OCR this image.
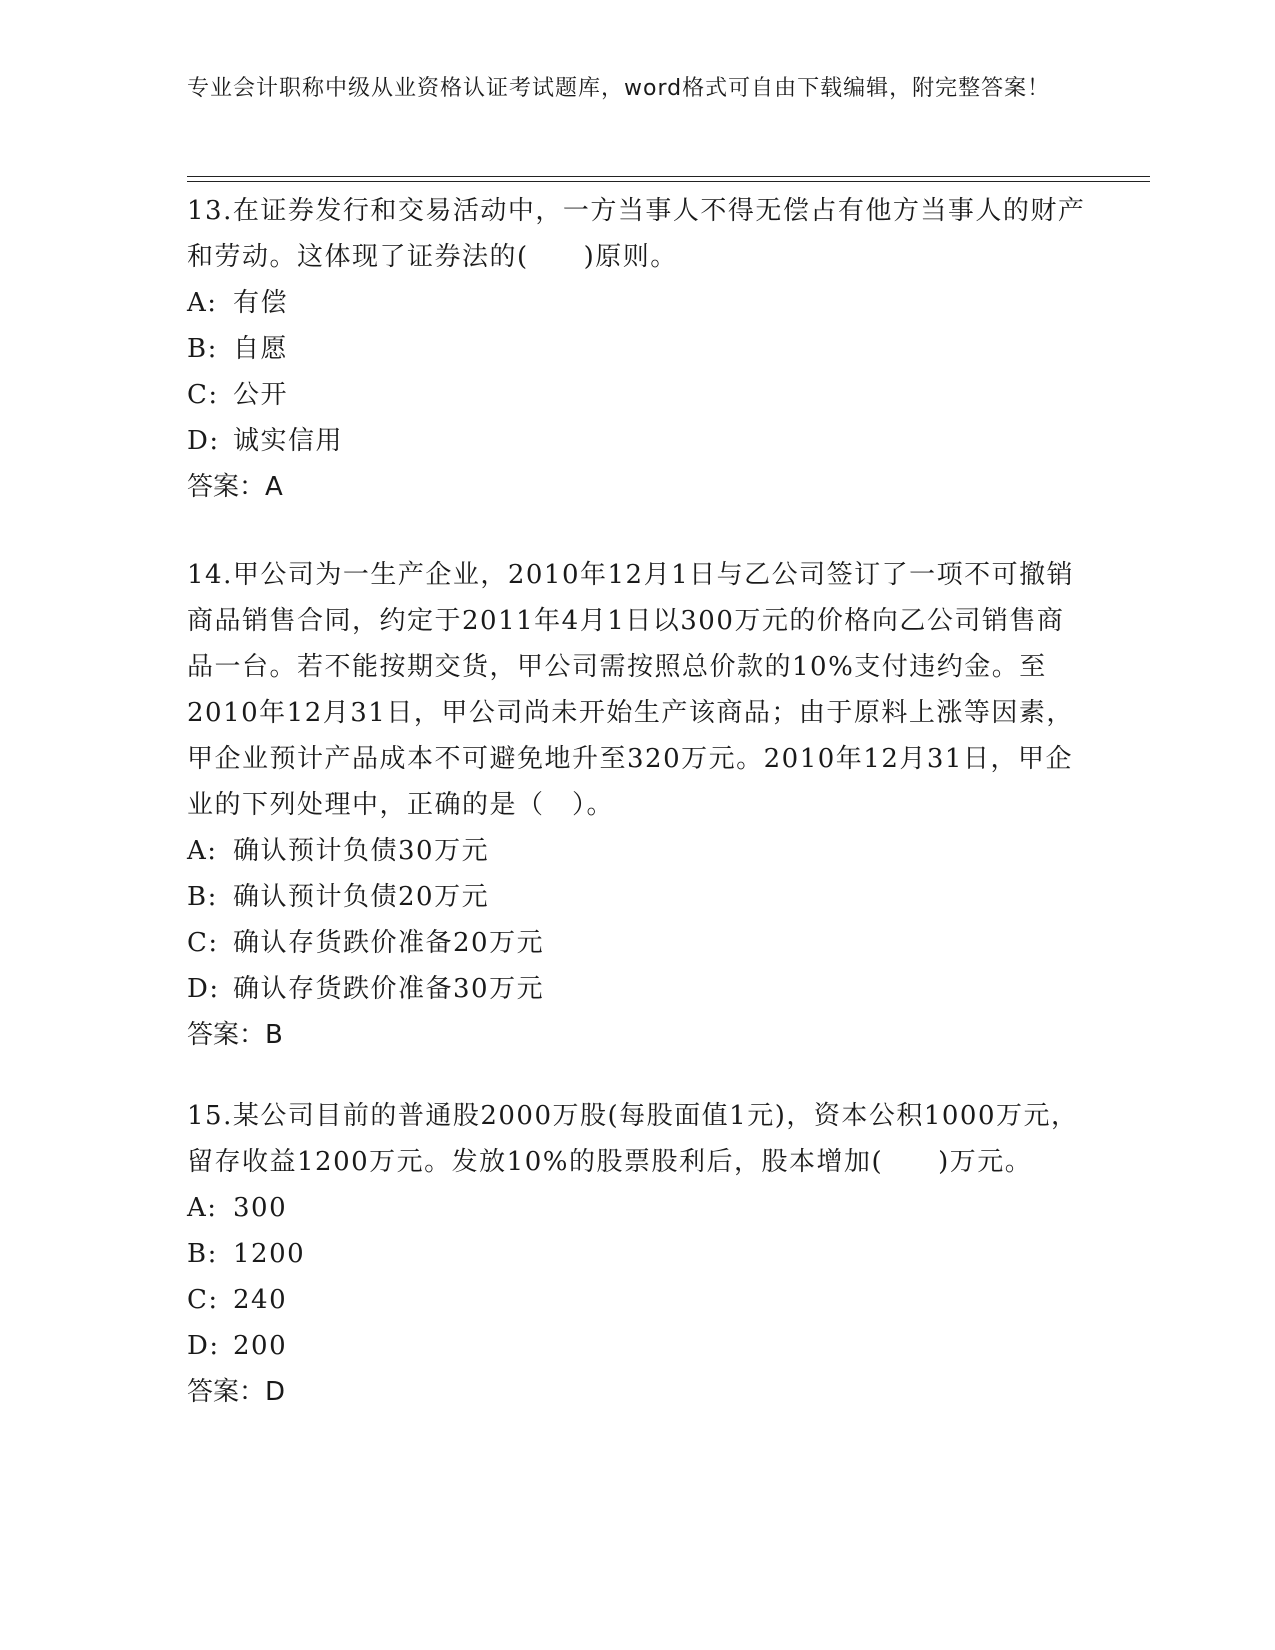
专业会计职称中级从业资格认证考试题库，word格式可自由下载编辑，附完整答案！

13.在证券发行和交易活动中，一方当事人不得无偿占有他方当事人的财产和劳动。这体现了证券法的(　　)原则。

A: 有偿

B: 自愿

C: 公开

D: 诚实信用

答案：A

14.甲公司为一生产企业，2010年12月1日与乙公司签订了一项不可撤销商品销售合同，约定于2011年4月1日以300万元的价格向乙公司销售商品一台。若不能按期交货，甲公司需按照总价款的10%支付违约金。至2010年12月31日，甲公司尚未开始生产该商品；由于原料上涨等因素，甲企业预计产品成本不可避免地升至320万元。2010年12月31日，甲企业的下列处理中，正确的是（　）。

A: 确认预计负债30万元

B: 确认预计负债20万元

C: 确认存货跌价准备20万元

D: 确认存货跌价准备30万元

答案：B

15.某公司目前的普通股2000万股(每股面值1元)，资本公积1000万元，留存收益1200万元。发放10%的股票股利后，股本增加(　　)万元。

A: 300

B: 1200

C: 240

D: 200

答案：D
